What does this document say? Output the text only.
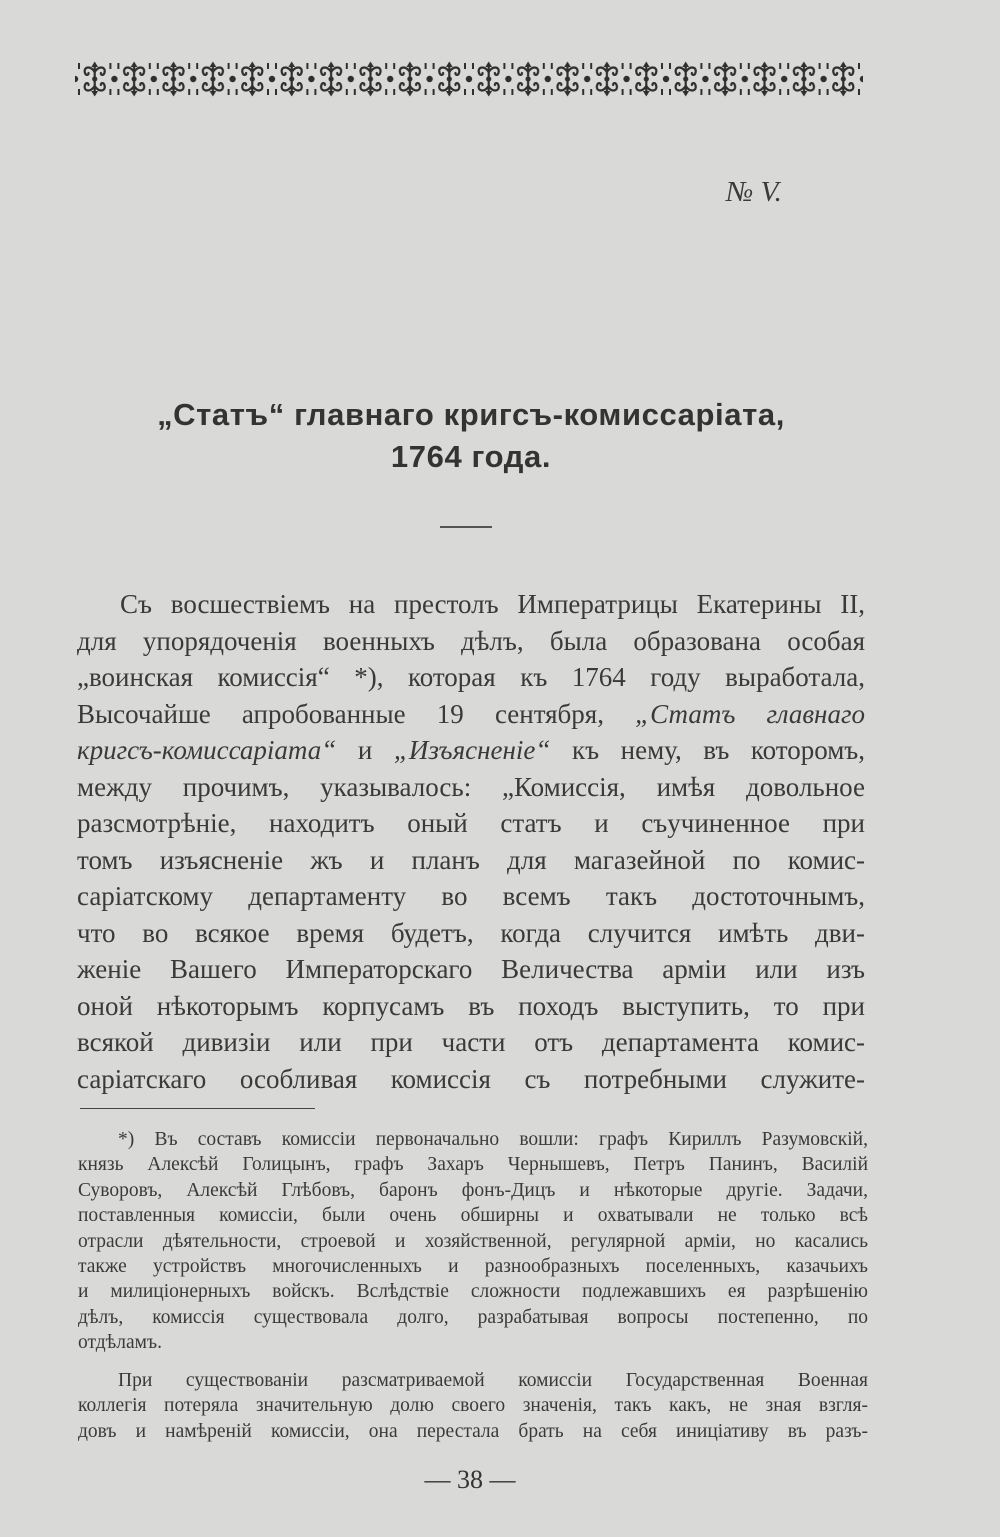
№ V.
„Статъ“ главнаго кригсъ-комиссаріата,
1764 года.
Съ восшествіемъ на престолъ Императрицы Екатерины II,
для упорядоченія военныхъ дѣлъ, была образована особая
„воинская комиссія“ *), которая къ 1764 году выработала,
Высочайше апробованные 19 сентября, „Статъ главнаго
кригсъ-комиссаріата“ и „Изъясненіе“ къ нему, въ которомъ,
между прочимъ, указывалось: „Комиссія, имѣя довольное
разсмотрѣніе, находитъ оный статъ и съучиненное при
томъ изъясненіе жъ и планъ для магазейной по комис-
саріатскому департаменту во всемъ такъ достоточнымъ,
что во всякое время будетъ, когда случится имѣть дви-
женіе Вашего Императорскаго Величества арміи или изъ
оной нѣкоторымъ корпусамъ въ походъ выступить, то при
всякой дивизіи или при части отъ департамента комис-
саріатскаго особливая комиссія съ потребными служите-
*) Въ составъ комиссіи первоначально вошли: графъ Кириллъ Разумовскій,
князь Алексѣй Голицынъ, графъ Захаръ Чернышевъ, Петръ Панинъ, Василій
Суворовъ, Алексѣй Глѣбовъ, баронъ фонъ-Дицъ и нѣкоторые другіе. Задачи,
поставленныя комиссіи, были очень обширны и охватывали не только всѣ
отрасли дѣятельности, строевой и хозяйственной, регулярной арміи, но касались
также устройствъ многочисленныхъ и разнообразныхъ поселенныхъ, казачьихъ
и милиціонерныхъ войскъ. Вслѣдствіе сложности подлежавшихъ ея разрѣшенію
дѣлъ, комиссія существовала долго, разрабатывая вопросы постепенно, по
отдѣламъ.
При существованіи разсматриваемой комиссіи Государственная Военная
коллегія потеряла значительную долю своего значенія, такъ какъ, не зная взгля-
довъ и намѣреній комиссіи, она перестала брать на себя иниціативу въ разъ-
— 38 —
